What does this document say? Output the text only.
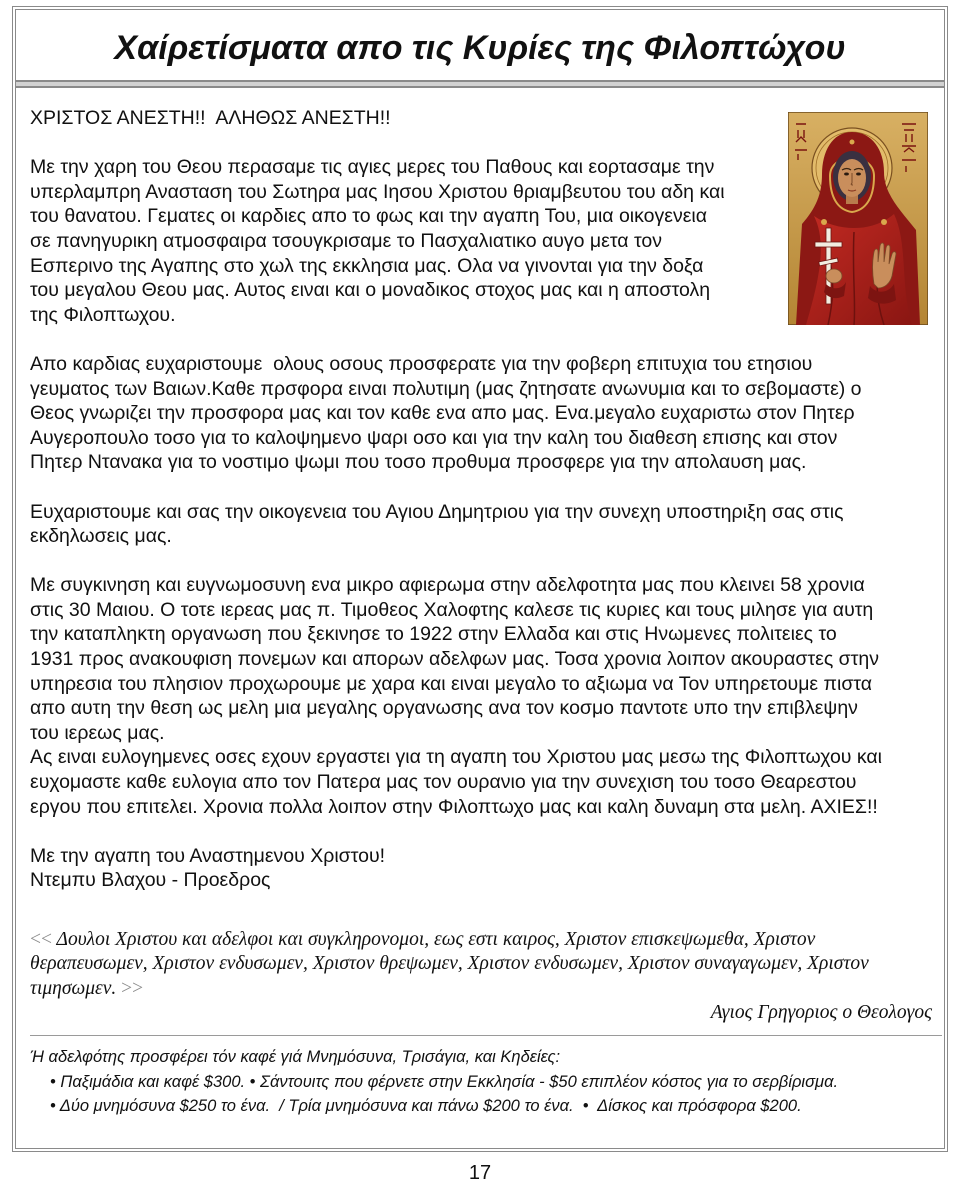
Χαίρετίσματα απο τις Κυρίες της Φιλοπτώχου
ΧΡΙΣΤΟΣ ΑΝΕΣΤΗ!!  ΑΛΗΘΩΣ ΑΝΕΣΤΗ!!
Με την χαρη του Θεου περασαμε τις αγιες μερες του Παθους και εορτασαμε την
υπερλαμπρη Ανασταση του Σωτηρα μας Ιησου Χριστου θριαμβευτου του αδη και
του θανατου. Γεματες οι καρδιες απο το φως και την αγαπη Του, μια οικογενεια
σε πανηγυρικη ατμοσφαιρα τσουγκρισαμε το Πασχαλιατικο αυγο μετα τον
Εσπερινο της Αγαπης στο χωλ της εκκλησια μας. Ολα να γινονται για την δοξα
του μεγαλου Θεου μας. Αυτος ειναι και ο μοναδικος στοχος μας και η αποστολη
της Φιλοπτωχου.
Απο καρδιας ευχαριστουμε  ολους οσους προσφερατε για την φοβερη επιτυχια του ετησιου
γευματος των Βαιων.Καθε πρσφορα ειναι πολυτιμη (μας ζητησατε ανωνυμια και το σεβομαστε) ο
Θεος γνωριζει την προσφορα μας και τον καθε ενα απο μας. Ενα.μεγαλο ευχαριστω στον Πητερ
Αυγεροπουλο τοσο για το καλοψημενο ψαρι οσο και για την καλη του διαθεση επισης και στον
Πητερ Ντανακα για το νοστιμο ψωμι που τοσο προθυμα προσφερε για την απολαυση μας.
Ευχαριστουμε και σας την οικογενεια του Αγιου Δημητριου για την συνεχη υποστηριξη σας στις
εκδηλωσεις μας.
Με συγκινηση και ευγνωμοσυνη ενα μικρο αφιερωμα στην αδελφοτητα μας που κλεινει 58 χρονια
στις 30 Μαιου. Ο τοτε ιερεας μας π. Τιμοθεος Χαλοφτης καλεσε τις κυριες και τους μιλησε για αυτη
την καταπληκτη οργανωση που ξεκινησε το 1922 στην Ελλαδα και στις Ηνωμενες πολιτειες το
1931 προς ανακουφιση πονεμων και απορων αδελφων μας. Τοσα χρονια λοιπον ακουραστες στην
υπηρεσια του πλησιον προχωρουμε με χαρα και ειναι μεγαλο το αξιωμα να Τον υπηρετουμε πιστα
απο αυτη την θεση ως μελη μια μεγαλης οργανωσης ανα τον κοσμο παντοτε υπο την επιβλεψην
του ιερεως μας.
Ας ειναι ευλογημενες οσες εχουν εργαστει για τη αγαπη του Χριστου μας μεσω της Φιλοπτωχου και
ευχομαστε καθε ευλογια απο τον Πατερα μας τον ουρανιο για την συνεχιση του τοσο Θεαρεστου
εργου που επιτελει. Χρονια πολλα λοιπον στην Φιλοπτωχο μας και καλη δυναμη στα μελη. ΑΧΙΕΣ!!
Με την αγαπη του Αναστημενου Χριστου!
Ντεμπυ Βλαχου - Προεδρος
<< Δουλοι Χριστου και αδελφοι και συγκληρονομοι, εως εστι καιρος, Χριστον επισκεψωμεθα, Χριστον
θεραπευσωμεν, Χριστον ενδυσωμεν, Χριστον θρεψωμεν, Χριστον ενδυσωμεν, Χριστον συναγαγωμεν, Χριστον
τιμησωμεν. >>
Αγιος Γρηγοριος ο Θεολογος
Ή αδελφότης προσφέρει τόν καφέ γιά Μνημόσυνα, Τρισάγια, και Κηδείες:
• Παξιμάδια και καφέ $300. • Σάντουιτς που φέρνετε στην Εκκλησία - $50 επιπλέον κόστος για το σερβίρισμα.
• Δύο μνημόσυνα $250 το ένα.  / Τρία μνημόσυνα και πάνω $200 το ένα.  •  Δίσκος και πρόσφορα $200.
17
